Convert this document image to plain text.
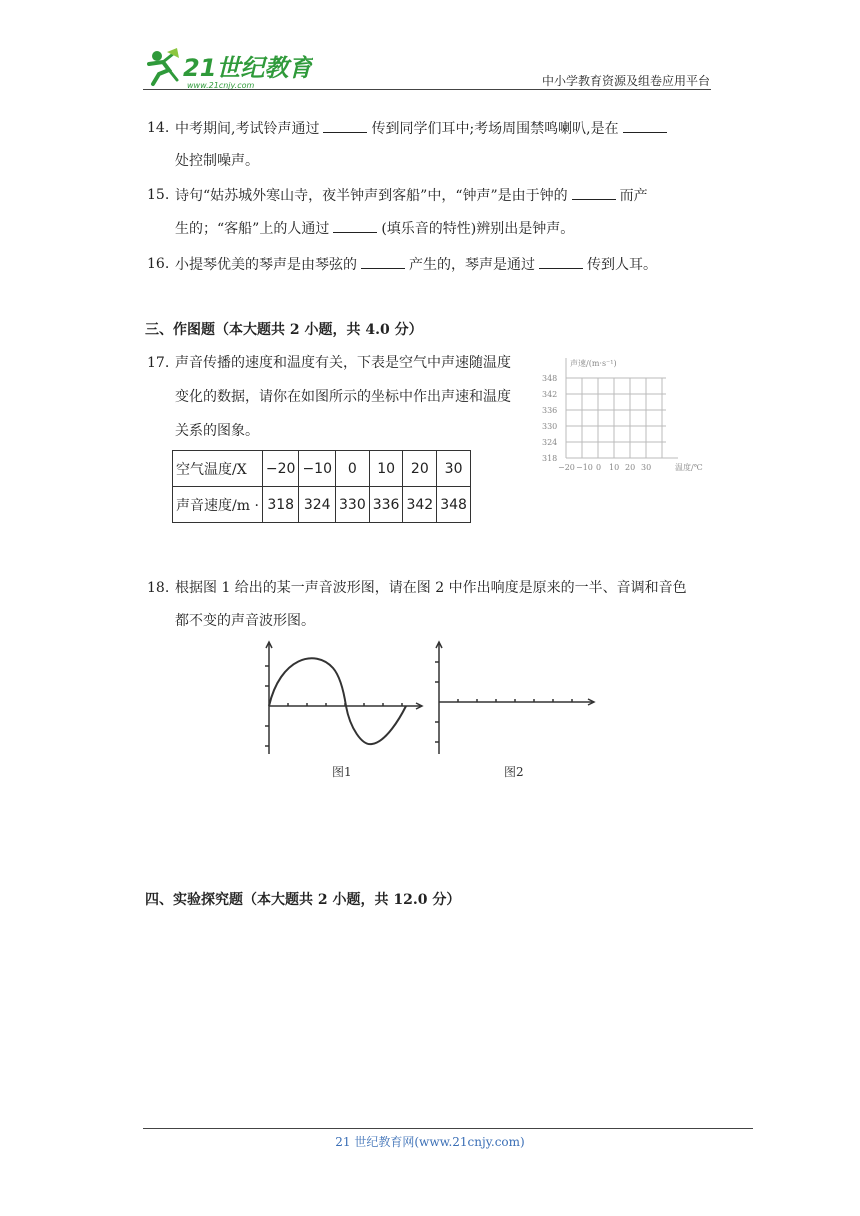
21世纪教育
www.21cnjy.com	中小学教育资源及组卷应用平台
14. 中考期间,考试铃声通过	传到同学们耳中;考场周围禁鸣喇叭,是在
处控制噪声。
15. 诗句“姑苏城外寒山寺，夜半钟声到客船”中，“钟声”是由于钟的	而产
生的；“客船”上的人通过	(填乐音的特性)辨别出是钟声。
16. 小提琴优美的琴声是由琴弦的	产生的，琴声是通过	传到人耳。
三、作图题（本大题共 2 小题，共 4.0 分）
17. 声音传播的速度和温度有关，下表是空气中声速随温度
变化的数据，请你在如图所示的坐标中作出声速和温度
关系的图象。
空气温度/X	−20	−10	0	10	20	30
声音速度/m ·	318	324	330	336	342	348
声速/(m·s⁻¹)
348
342
336
330
324
318
−20 −10 0 10 20 30	温度/℃
18. 根据图 1 给出的某一声音波形图，请在图 2 中作出响度是原来的一半、音调和音色
都不变的声音波形图。
图1	图2
四、实验探究题（本大题共 2 小题，共 12.0 分）
21 世纪教育网(www.21cnjy.com)
